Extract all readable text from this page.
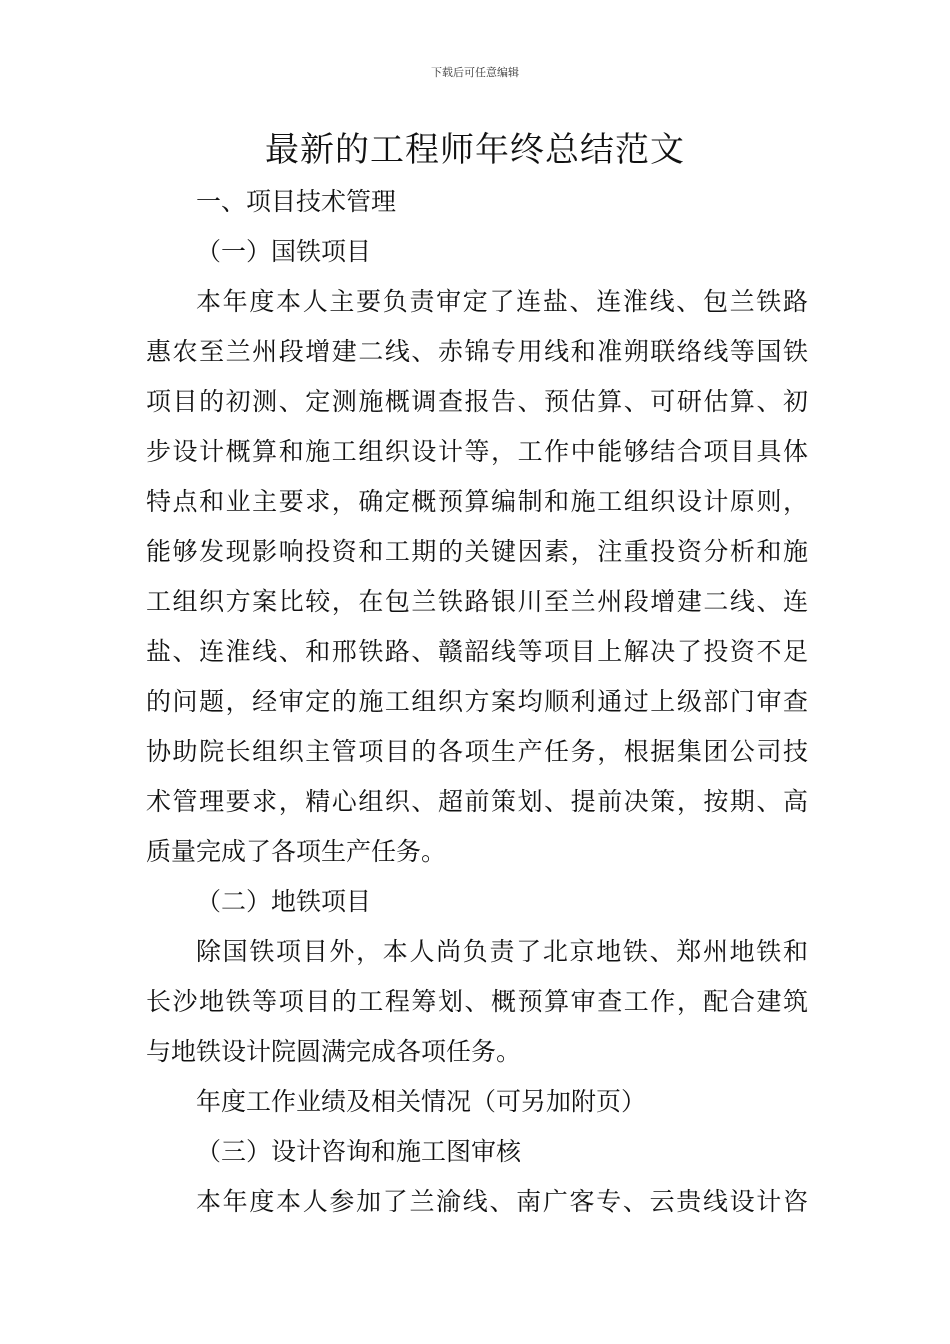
下载后可任意编辑
最新的工程师年终总结范文
一、项目技术管理
（一）国铁项目
本年度本人主要负责审定了连盐、连淮线、包兰铁路
惠农至兰州段增建二线、赤锦专用线和准朔联络线等国铁
项目的初测、定测施概调查报告、预估算、可研估算、初
步设计概算和施工组织设计等，工作中能够结合项目具体
特点和业主要求，确定概预算编制和施工组织设计原则，
能够发现影响投资和工期的关键因素，注重投资分析和施
工组织方案比较，在包兰铁路银川至兰州段增建二线、连
盐、连淮线、和邢铁路、赣韶线等项目上解决了投资不足
的问题，经审定的施工组织方案均顺利通过上级部门审查
协助院长组织主管项目的各项生产任务，根据集团公司技
术管理要求，精心组织、超前策划、提前决策，按期、高
质量完成了各项生产任务。
（二）地铁项目
除国铁项目外，本人尚负责了北京地铁、郑州地铁和
长沙地铁等项目的工程筹划、概预算审查工作，配合建筑
与地铁设计院圆满完成各项任务。
年度工作业绩及相关情况（可另加附页）
（三）设计咨询和施工图审核
本年度本人参加了兰渝线、南广客专、云贵线设计咨
